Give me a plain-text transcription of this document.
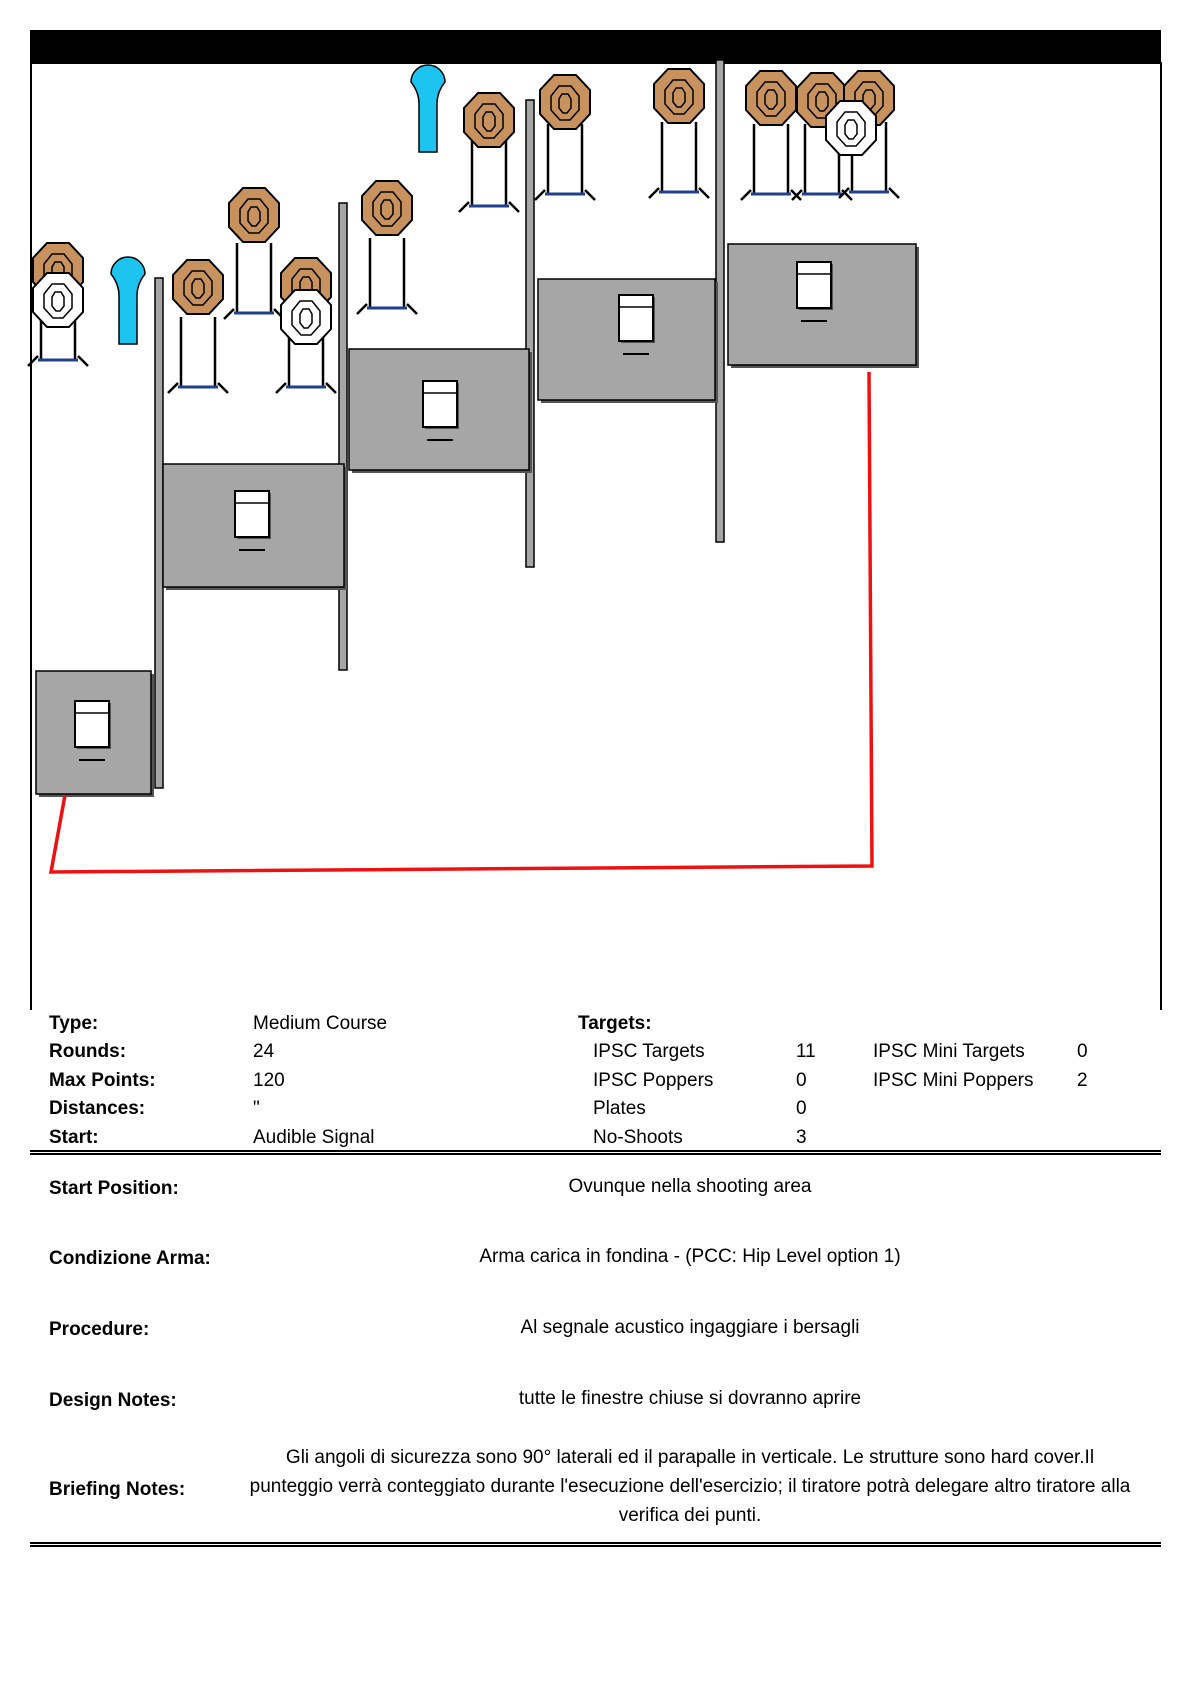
Type:	Medium Course
Rounds:	24
Max Points:	120
Distances:	"
Start:	Audible Signal
Targets:
IPSC Targets	11
IPSC Poppers	0
Plates	0
No-Shoots	3
IPSC Mini Targets	0
IPSC Mini Poppers 2
Start Position:	Ovunque nella shooting area
Condizione Arma:	Arma carica in fondina - (PCC: Hip Level option 1)
Procedure:	Al segnale acustico ingaggiare i bersagli
Design Notes:	tutte le finestre chiuse si dovranno aprire
Briefing Notes:
Gli angoli di sicurezza sono 90° laterali ed il parapalle in verticale. Le strutture sono hard cover.Il punteggio verrà conteggiato durante l'esecuzione dell'esercizio; il tiratore potrà delegare altro tiratore alla verifica dei punti.
